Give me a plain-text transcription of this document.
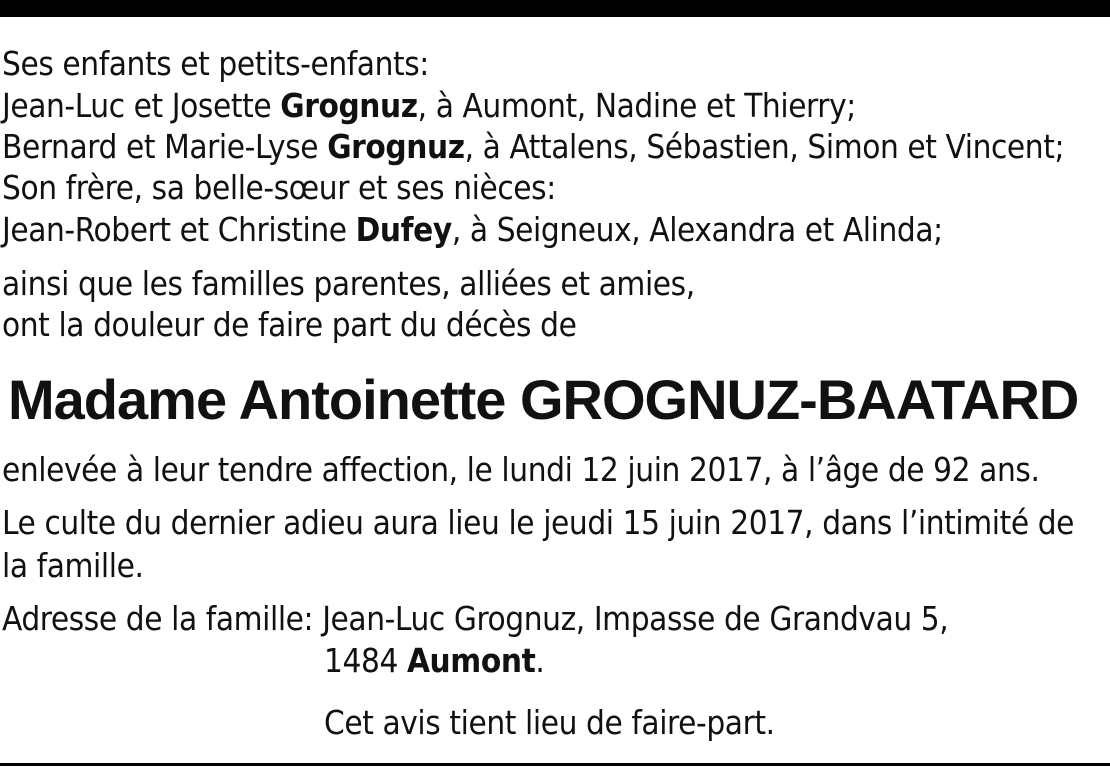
Ses enfants et petits-enfants:
Jean-Luc et Josette Grognuz, à Aumont, Nadine et Thierry;
Bernard et Marie-Lyse Grognuz, à Attalens, Sébastien, Simon et Vincent;
Son frère, sa belle-sœur et ses nièces:
Jean-Robert et Christine Dufey, à Seigneux, Alexandra et Alinda;
ainsi que les familles parentes, alliées et amies,
ont la douleur de faire part du décès de
Madame Antoinette GROGNUZ-BAATARD
enlevée à leur tendre affection, le lundi 12 juin 2017, à l’âge de 92 ans.
Le culte du dernier adieu aura lieu le jeudi 15 juin 2017, dans l’intimité de
la famille.
Adresse de la famille: Jean-Luc Grognuz, Impasse de Grandvau 5,
1484 Aumont.
Cet avis tient lieu de faire-part.
